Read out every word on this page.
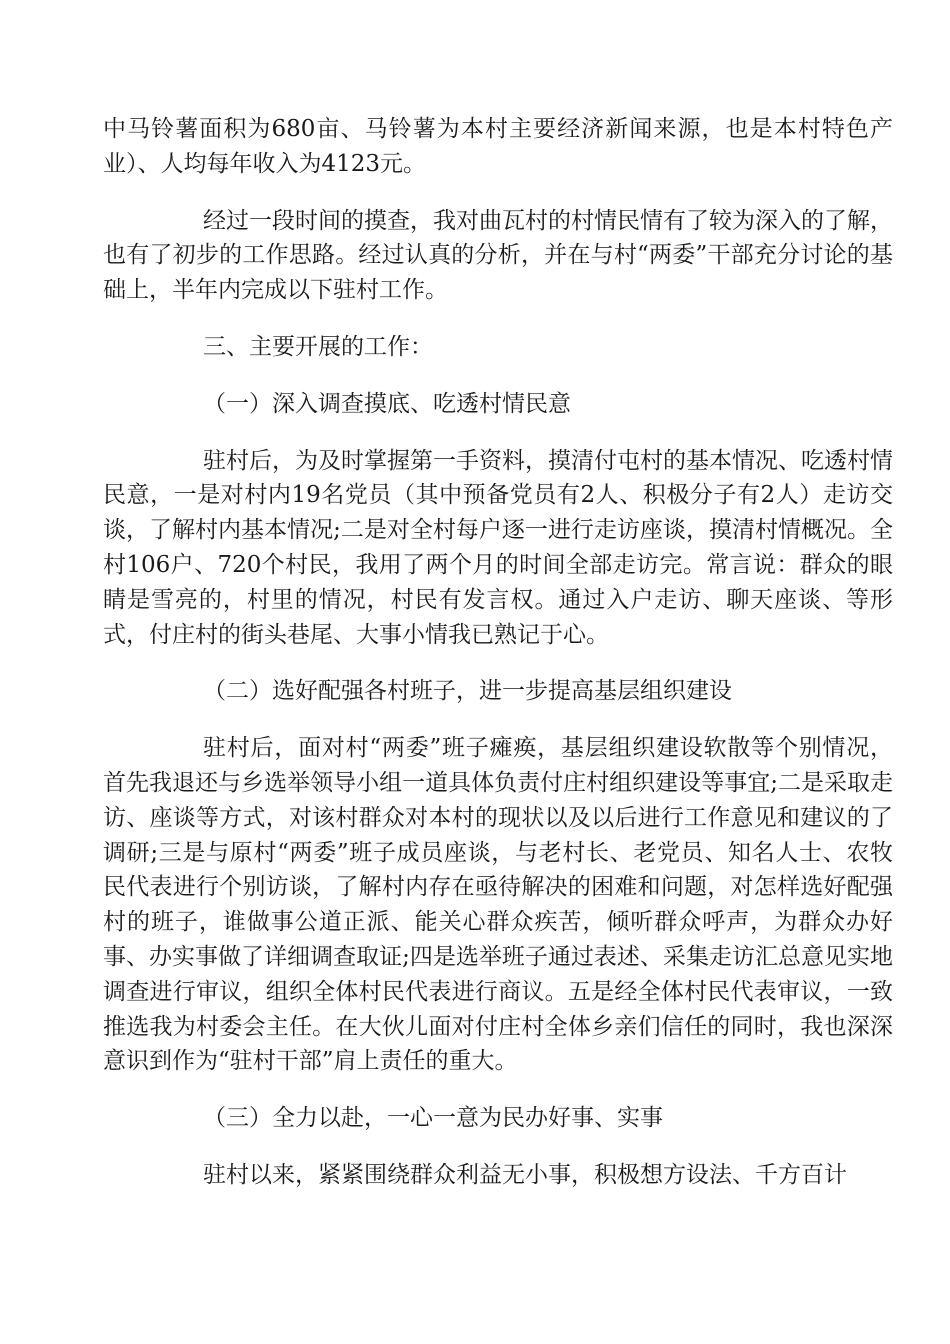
中马铃薯面积为680亩、马铃薯为本村主要经济新闻来源，也是本村特色产业）、人均每年收入为4123元。

经过一段时间的摸查，我对曲瓦村的村情民情有了较为深入的了解，也有了初步的工作思路。经过认真的分析，并在与村“两委”干部充分讨论的基础上，半年内完成以下驻村工作。

三、主要开展的工作：

（一）深入调查摸底、吃透村情民意

驻村后，为及时掌握第一手资料，摸清付屯村的基本情况、吃透村情民意，一是对村内19名党员（其中预备党员有2人、积极分子有2人）走访交谈，了解村内基本情况;二是对全村每户逐一进行走访座谈，摸清村情概况。全村106户、720个村民，我用了两个月的时间全部走访完。常言说：群众的眼睛是雪亮的，村里的情况，村民有发言权。通过入户走访、聊天座谈、等形式，付庄村的街头巷尾、大事小情我已熟记于心。

（二）选好配强各村班子，进一步提高基层组织建设

驻村后，面对村“两委”班子瘫痪，基层组织建设软散等个别情况，首先我退还与乡选举领导小组一道具体负责付庄村组织建设等事宜;二是采取走访、座谈等方式，对该村群众对本村的现状以及以后进行工作意见和建议的了调研;三是与原村“两委”班子成员座谈，与老村长、老党员、知名人士、农牧民代表进行个别访谈，了解村内存在亟待解决的困难和问题，对怎样选好配强村的班子，谁做事公道正派、能关心群众疾苦，倾听群众呼声，为群众办好事、办实事做了详细调查取证;四是选举班子通过表述、采集走访汇总意见实地调查进行审议，组织全体村民代表进行商议。五是经全体村民代表审议，一致推选我为村委会主任。在大伙儿面对付庄村全体乡亲们信任的同时，我也深深意识到作为“驻村干部”肩上责任的重大。

（三）全力以赴，一心一意为民办好事、实事

驻村以来，紧紧围绕群众利益无小事，积极想方设法、千方百计
